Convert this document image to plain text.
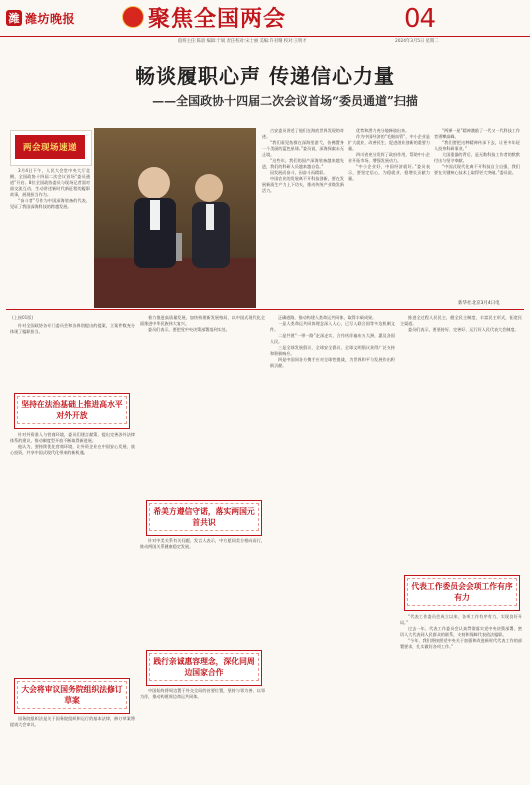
潍 潍坊晚报	聚焦全国两会	04
值班主任:陈晨 编辑:于斌 责任校对:宋士丽 美编:许君珊 校对:王明才	2024年3月5日 星期二
畅谈履职心声 传递信心力量
——全国政协十四届二次会议首场“委员通道”扫描
两会现场速递

3月4日下午，人民大会堂中央大厅北侧，全国政协十四届二次会议首场“委员通道”开启。8位全国政协委员与现场记者面对面交流互动，生动讲述新时代新征程的履职故事，展现担当作为。

“奋斗者”号作为中国深海装备的代表，见证了我国深海科技的跨越发展。

古安委员讲述了他们在海底世界发现的奇迹。

“我们看见鱼群在深海里游弋，仿佛置身一个美丽的蓝色星球。”委员说，深海探索永无止境。

“这些年，我们的国产深海装备越来越先进，我们的科研人员越来越自信。”

因发展而奋斗，因奋斗而精彩。

中国农业的发展离不开科技创新，要在发展新质生产力上下功夫，推动传统产业焕发新活力。

优势和潜力充分地释放出来。

作为中国经济的“毛细血管”，中小企业是扩大就业、改善民生、促进创业创新的重要力量。

四川省充分发挥了政府作用，帮助中小企业开拓市场，增强发展动力。

“中小企业好，中国经济就好。”委员表示，要坚定信心，为稳就业、稳增长贡献力量。

“两弹一星”精神激励了一代又一代科技工作者勇攀高峰。

“我们要把这种精神传承下去，让更多年轻人投身科研事业。”

大国重器的背后，是无数科技工作者的默默付出与坚守奉献。

“中国式现代化离不开科技自立自强，我们要在关键核心技术上取得更大突破。”委员说。

新华社北京3月4日电
(上接01版)

针对全国政协各专门委员会和各界别提出的提案，立案件数充分体现了履职担当。

坚持在法治基础上推进高水平对外开放

针对外资准入与营商环境，委员们建言献策，提出完善涉外法律体系的建议，推动制度型开放不断取得新进展。

他认为，要持续优化营商环境，让外资企业在中国安心发展、放心投资，共享中国式现代化带来的新机遇。

大会将审议国务院组织法修订草案

国务院组织法是关于国务院组织和运行的基本法律，修订草案将提请大会审议。

着力推进高质量发展，加快构建新发展格局，以中国式现代化全面推进中华民族伟大复兴。

委员们表示，要把党中央决策部署落到实处。

希美方遵信守诺，落实两国元首共识

针对中美关系有关问题，发言人表示，中方愿同美方相向而行，推动两国关系健康稳定发展。

践行亲诚惠容理念，深化同周边国家合作

中国始终将周边置于外交全局的首要位置，坚持与邻为善、以邻为伴，推动构建周边命运共同体。

正确道路，推动构建人类命运共同体，取得丰硕成果。

一是人类命运共同体理念深入人心，已写入联合国等多边机制文件。

二是共建“一带一路”走深走实，合作伙伴遍布五大洲，惠及各国人民。

三是全球发展倡议、全球安全倡议、全球文明倡议获得广泛支持和积极响应。

四是中国同各方携手应对全球性挑战，为世界和平与发展作出积极贡献。

推进全过程人民民主，健全民主制度，丰富民主形式，拓宽民主渠道。

委员们表示，要坚持好、完善好、运行好人民代表大会制度。

代表工作委员会会项工作有序有力

“代表工作委员会成立以来，各项工作有序有力，实现良好开局。”

过去一年，代表工作委员会认真贯彻落实党中央决策部署，密切人大代表同人民群众的联系，支持和保障代表依法履职。

“今年，我们将按照党中央关于加强和改进新时代代表工作的部署要求，扎实做好各项工作。”
